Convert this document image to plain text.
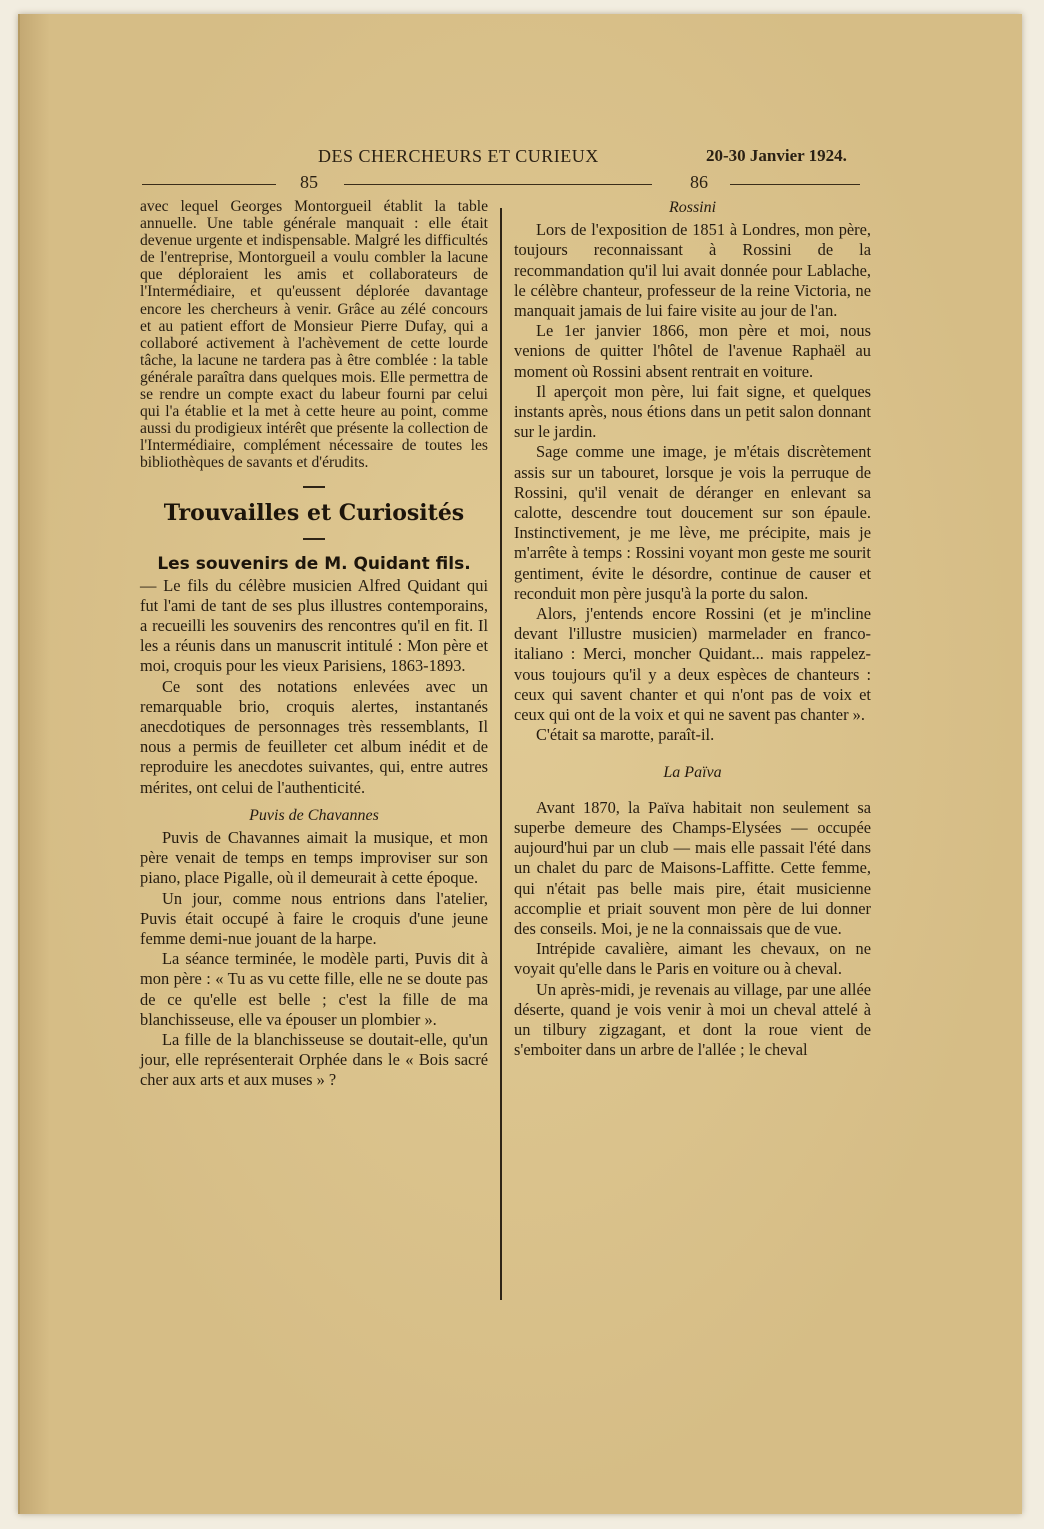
DES CHERCHEURS ET CURIEUX	20-30 Janvier 1924.
85	86

avec lequel Georges Montorgueil établit la table annuelle. Une table générale manquait : elle était devenue urgente et indispensable. Malgré les difficultés de l'entreprise, Montorgueil a voulu combler la lacune que déploraient les amis et collaborateurs de l'Intermédiaire, et qu'eussent déplorée davantage encore les chercheurs à venir. Grâce au zélé concours et au patient effort de Monsieur Pierre Dufay, qui a collaboré activement à l'achèvement de cette lourde tâche, la lacune ne tardera pas à être comblée : la table générale paraîtra dans quelques mois. Elle permettra de se rendre un compte exact du labeur fourni par celui qui l'a établie et la met à cette heure au point, comme aussi du prodigieux intérêt que présente la collection de l'Intermédiaire, complément nécessaire de toutes les bibliothèques de savants et d'érudits.

Trouvailles et Curiosités
Les souvenirs de M. Quidant fils.

— Le fils du célèbre musicien Alfred Quidant qui fut l'ami de tant de ses plus illustres contemporains, a recueilli les souvenirs des rencontres qu'il en fit. Il les a réunis dans un manuscrit intitulé : Mon père et moi, croquis pour les vieux Parisiens, 1863-1893.

Ce sont des notations enlevées avec un remarquable brio, croquis alertes, instantanés anecdotiques de personnages très ressemblants, Il nous a permis de feuilleter cet album inédit et de reproduire les anecdotes suivantes, qui, entre autres mérites, ont celui de l'authenticité.

Puvis de Chavannes

Puvis de Chavannes aimait la musique, et mon père venait de temps en temps improviser sur son piano, place Pigalle, où il demeurait à cette époque.

Un jour, comme nous entrions dans l'atelier, Puvis était occupé à faire le croquis d'une jeune femme demi-nue jouant de la harpe.

La séance terminée, le modèle parti, Puvis dit à mon père : « Tu as vu cette fille, elle ne se doute pas de ce qu'elle est belle ; c'est la fille de ma blanchisseuse, elle va épouser un plombier ».

La fille de la blanchisseuse se doutait-elle, qu'un jour, elle représenterait Orphée dans le « Bois sacré cher aux arts et aux muses » ?

Rossini

Lors de l'exposition de 1851 à Londres, mon père, toujours reconnaissant à Rossini de la recommandation qu'il lui avait donnée pour Lablache, le célèbre chanteur, professeur de la reine Victoria, ne manquait jamais de lui faire visite au jour de l'an.

Le 1er janvier 1866, mon père et moi, nous venions de quitter l'hôtel de l'avenue Raphaël au moment où Rossini absent rentrait en voiture.

Il aperçoit mon père, lui fait signe, et quelques instants après, nous étions dans un petit salon donnant sur le jardin.

Sage comme une image, je m'étais discrètement assis sur un tabouret, lorsque je vois la perruque de Rossini, qu'il venait de déranger en enlevant sa calotte, descendre tout doucement sur son épaule. Instinctivement, je me lève, me précipite, mais je m'arrête à temps : Rossini voyant mon geste me sourit gentiment, évite le désordre, continue de causer et reconduit mon père jusqu'à la porte du salon.

Alors, j'entends encore Rossini (et je m'incline devant l'illustre musicien) marmelader en franco-italiano : Merci, moncher Quidant... mais rappelez-vous toujours qu'il y a deux espèces de chanteurs : ceux qui savent chanter et qui n'ont pas de voix et ceux qui ont de la voix et qui ne savent pas chanter ».

C'était sa marotte, paraît-il.

La Païva

Avant 1870, la Païva habitait non seulement sa superbe demeure des Champs-Elysées — occupée aujourd'hui par un club — mais elle passait l'été dans un chalet du parc de Maisons-Laffitte. Cette femme, qui n'était pas belle mais pire, était musicienne accomplie et priait souvent mon père de lui donner des conseils. Moi, je ne la connaissais que de vue.

Intrépide cavalière, aimant les chevaux, on ne voyait qu'elle dans le Paris en voiture ou à cheval.

Un après-midi, je revenais au village, par une allée déserte, quand je vois venir à moi un cheval attelé à un tilbury zigzagant, et dont la roue vient de s'emboiter dans un arbre de l'allée ; le cheval
